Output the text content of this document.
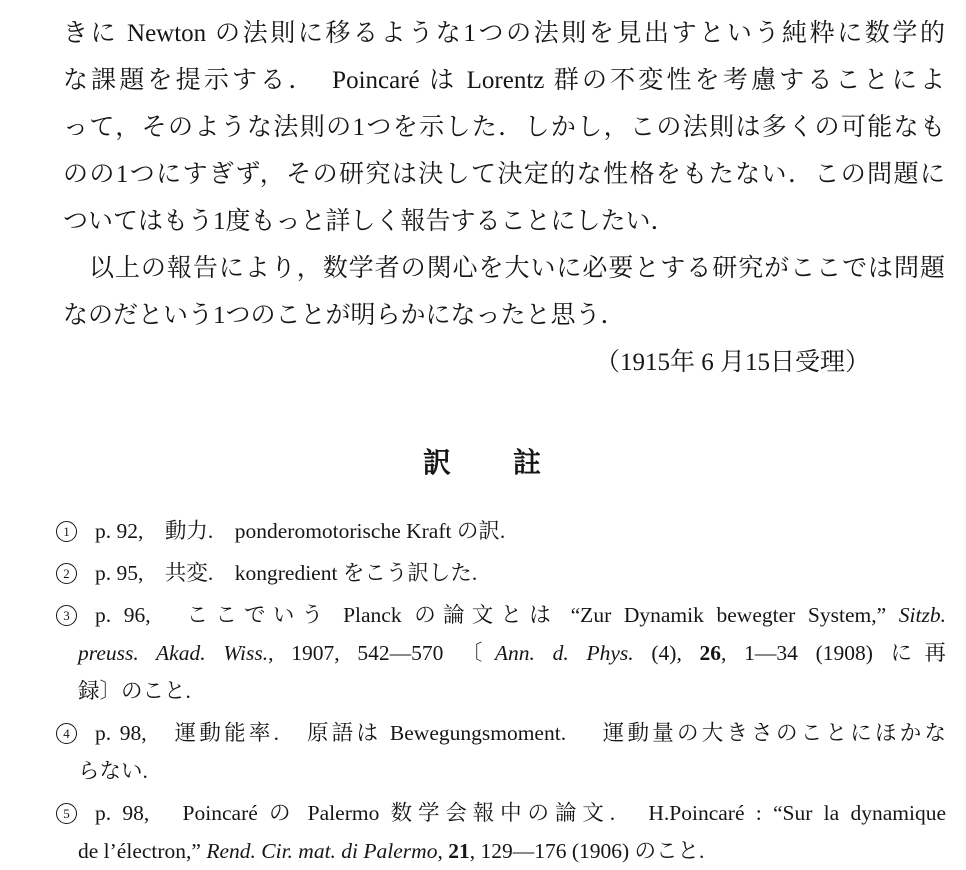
きに Newton の法則に移るような1つの法則を見出すという純粋に数学的
な課題を提示する．　Poincaré は Lorentz 群の不変性を考慮することによ
って，そのような法則の1つを示した．しかし，この法則は多くの可能なも
のの1つにすぎず，その研究は決して決定的な性格をもたない．この問題に
ついてはもう1度もっと詳しく報告することにしたい．
　以上の報告により，数学者の関心を大いに必要とする研究がここでは問題
なのだという1つのことが明らかになったと思う．
（1915年 6 月15日受理）
訳　　註
1 p. 92,　動力.　ponderomotorische Kraft の訳.
2 p. 95,　共変.　kongredient をこう訳した.
3 p. 96,　ここでいう Planck の論文とは “Zur Dynamik bewegter System,” Sitzb.
preuss. Akad. Wiss., 1907, 542—570 〔Ann. d. Phys. (4), 26, 1—34 (1908) に再
録〕のこと.
4 p. 98,　運動能率.　原語は Bewegungsmoment.　 運動量の大きさのことにほかな
らない.
5 p. 98,　Poincaré の Palermo 数学会報中の論文.　H.Poincaré : “Sur la dynamique
de l’électron,” Rend. Cir. mat. di Palermo, 21, 129—176 (1906) のこと.
